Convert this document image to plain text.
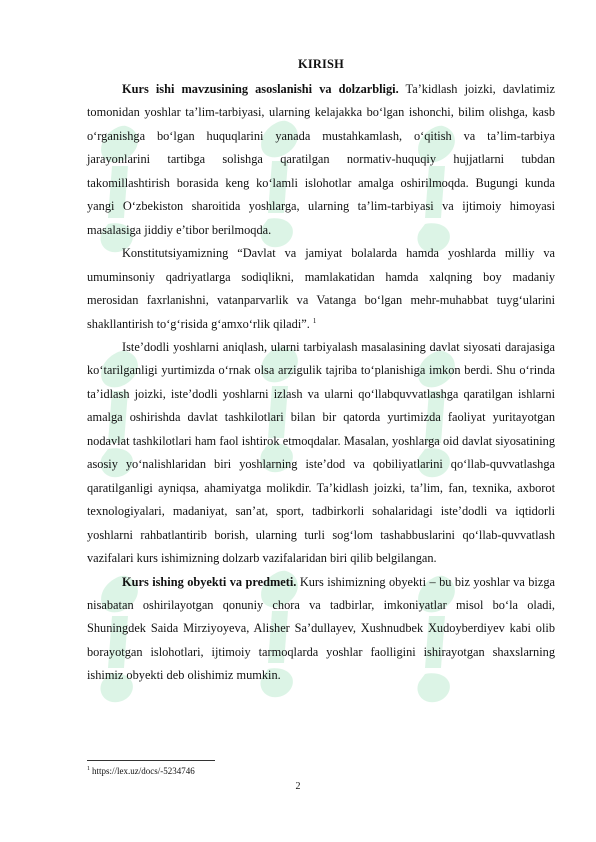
KIRISH

Kurs ishi mavzusining asoslanishi va dolzarbligi. Ta’kidlash joizki, davlatimiz tomonidan yoshlar ta’lim-tarbiyasi, ularning kelajakka bo‘lgan ishonchi, bilim olishga, kasb o‘rganishga bo‘lgan huquqlarini yanada mustahkamlash, o‘qitish va ta’lim-tarbiya jarayonlarini tartibga solishga qaratilgan normativ-huquqiy hujjatlarni tubdan takomillashtirish borasida keng ko‘lamli islohotlar amalga oshirilmoqda. Bugungi kunda yangi O‘zbekiston sharoitida yoshlarga, ularning ta’lim-tarbiyasi va ijtimoiy himoyasi masalasiga jiddiy e’tibor berilmoqda.

Konstitutsiyamizning “Davlat va jamiyat bolalarda hamda yoshlarda milliy va umuminsoniy qadriyatlarga sodiqlikni, mamlakatidan hamda xalqning boy madaniy merosidan faxrlanishni, vatanparvarlik va Vatanga bo‘lgan mehr-muhabbat tuyg‘ularini shakllantirish to‘g‘risida g‘amxo‘rlik qiladi”. $^1$

Iste’dodli yoshlarni aniqlash, ularni tarbiyalash masalasining davlat siyosati darajasiga ko‘tarilganligi yurtimizda o‘rnak olsa arzigulik tajriba to‘planishiga imkon berdi. Shu o‘rinda ta’idlash joizki, iste’dodli yoshlarni izlash va ularni qo‘llabquvvatlashga qaratilgan ishlarni amalga oshirishda davlat tashkilotlari bilan bir qatorda yurtimizda faoliyat yuritayotgan nodavlat tashkilotlari ham faol ishtirok etmoqdalar. Masalan, yoshlarga oid davlat siyosatining asosiy yo‘nalishlaridan biri yoshlarning iste’dod va qobiliyatlarini qo‘llab-quvvatlashga qaratilganligi ayniqsa, ahamiyatga molikdir. Ta’kidlash joizki, ta’lim, fan, texnika, axborot texnologiyalari, madaniyat, san’at, sport, tadbirkorli sohalaridagi iste’dodli va iqtidorli yoshlarni rahbatlantirib borish, ularning turli sog‘lom tashabbuslarini qo‘llab-quvvatlash vazifalari kurs ishimizning dolzarb vazifalaridan biri qilib belgilangan.

Kurs ishing obyekti va predmeti. Kurs ishimizning obyekti – bu biz yoshlar va bizga nisabatan oshirilayotgan qonuniy chora va tadbirlar, imkoniyatlar misol bo‘la oladi, Shuningdek Saida Mirziyoyeva, Alisher Sa’dullayev, Xushnudbek Xudoyberdiyev kabi olib borayotgan islohotlari, ijtimoiy tarmoqlarda yoshlar faolligini ishirayotgan shaxslarning ishimiz obyekti deb olishimiz mumkin.

$^1$ https://lex.uz/docs/-5234746
2
